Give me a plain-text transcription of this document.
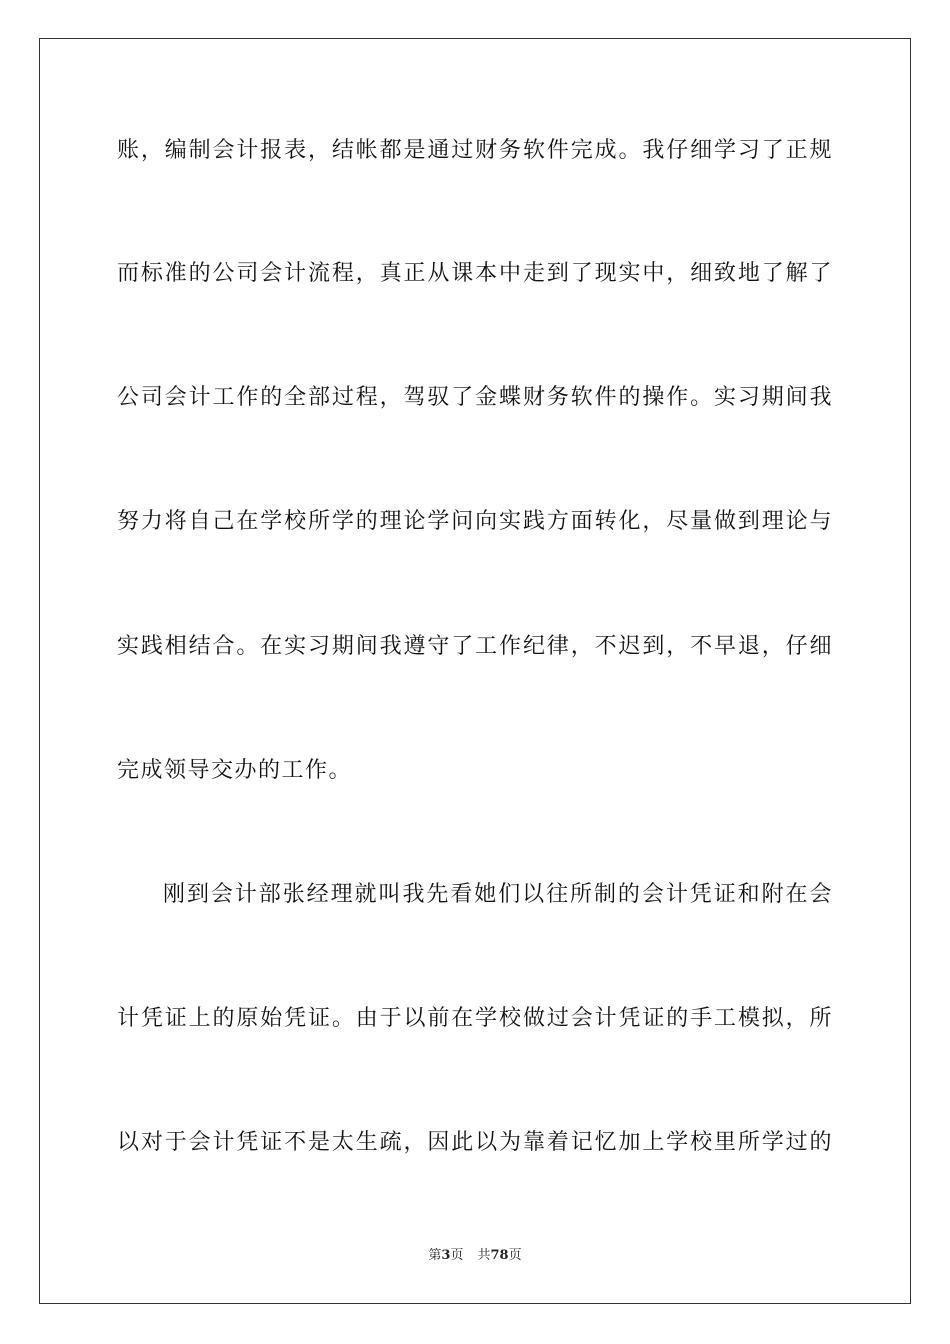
账，编制会计报表，结帐都是通过财务软件完成。我仔细学习了正规
而标准的公司会计流程，真正从课本中走到了现实中，细致地了解了
公司会计工作的全部过程，驾驭了金蝶财务软件的操作。实习期间我
努力将自己在学校所学的理论学问向实践方面转化，尽量做到理论与
实践相结合。在实习期间我遵守了工作纪律，不迟到，不早退，仔细
完成领导交办的工作。
刚到会计部张经理就叫我先看她们以往所制的会计凭证和附在会
计凭证上的原始凭证。由于以前在学校做过会计凭证的手工模拟，所
以对于会计凭证不是太生疏，因此以为靠着记忆加上学校里所学过的
第3页 共78页
